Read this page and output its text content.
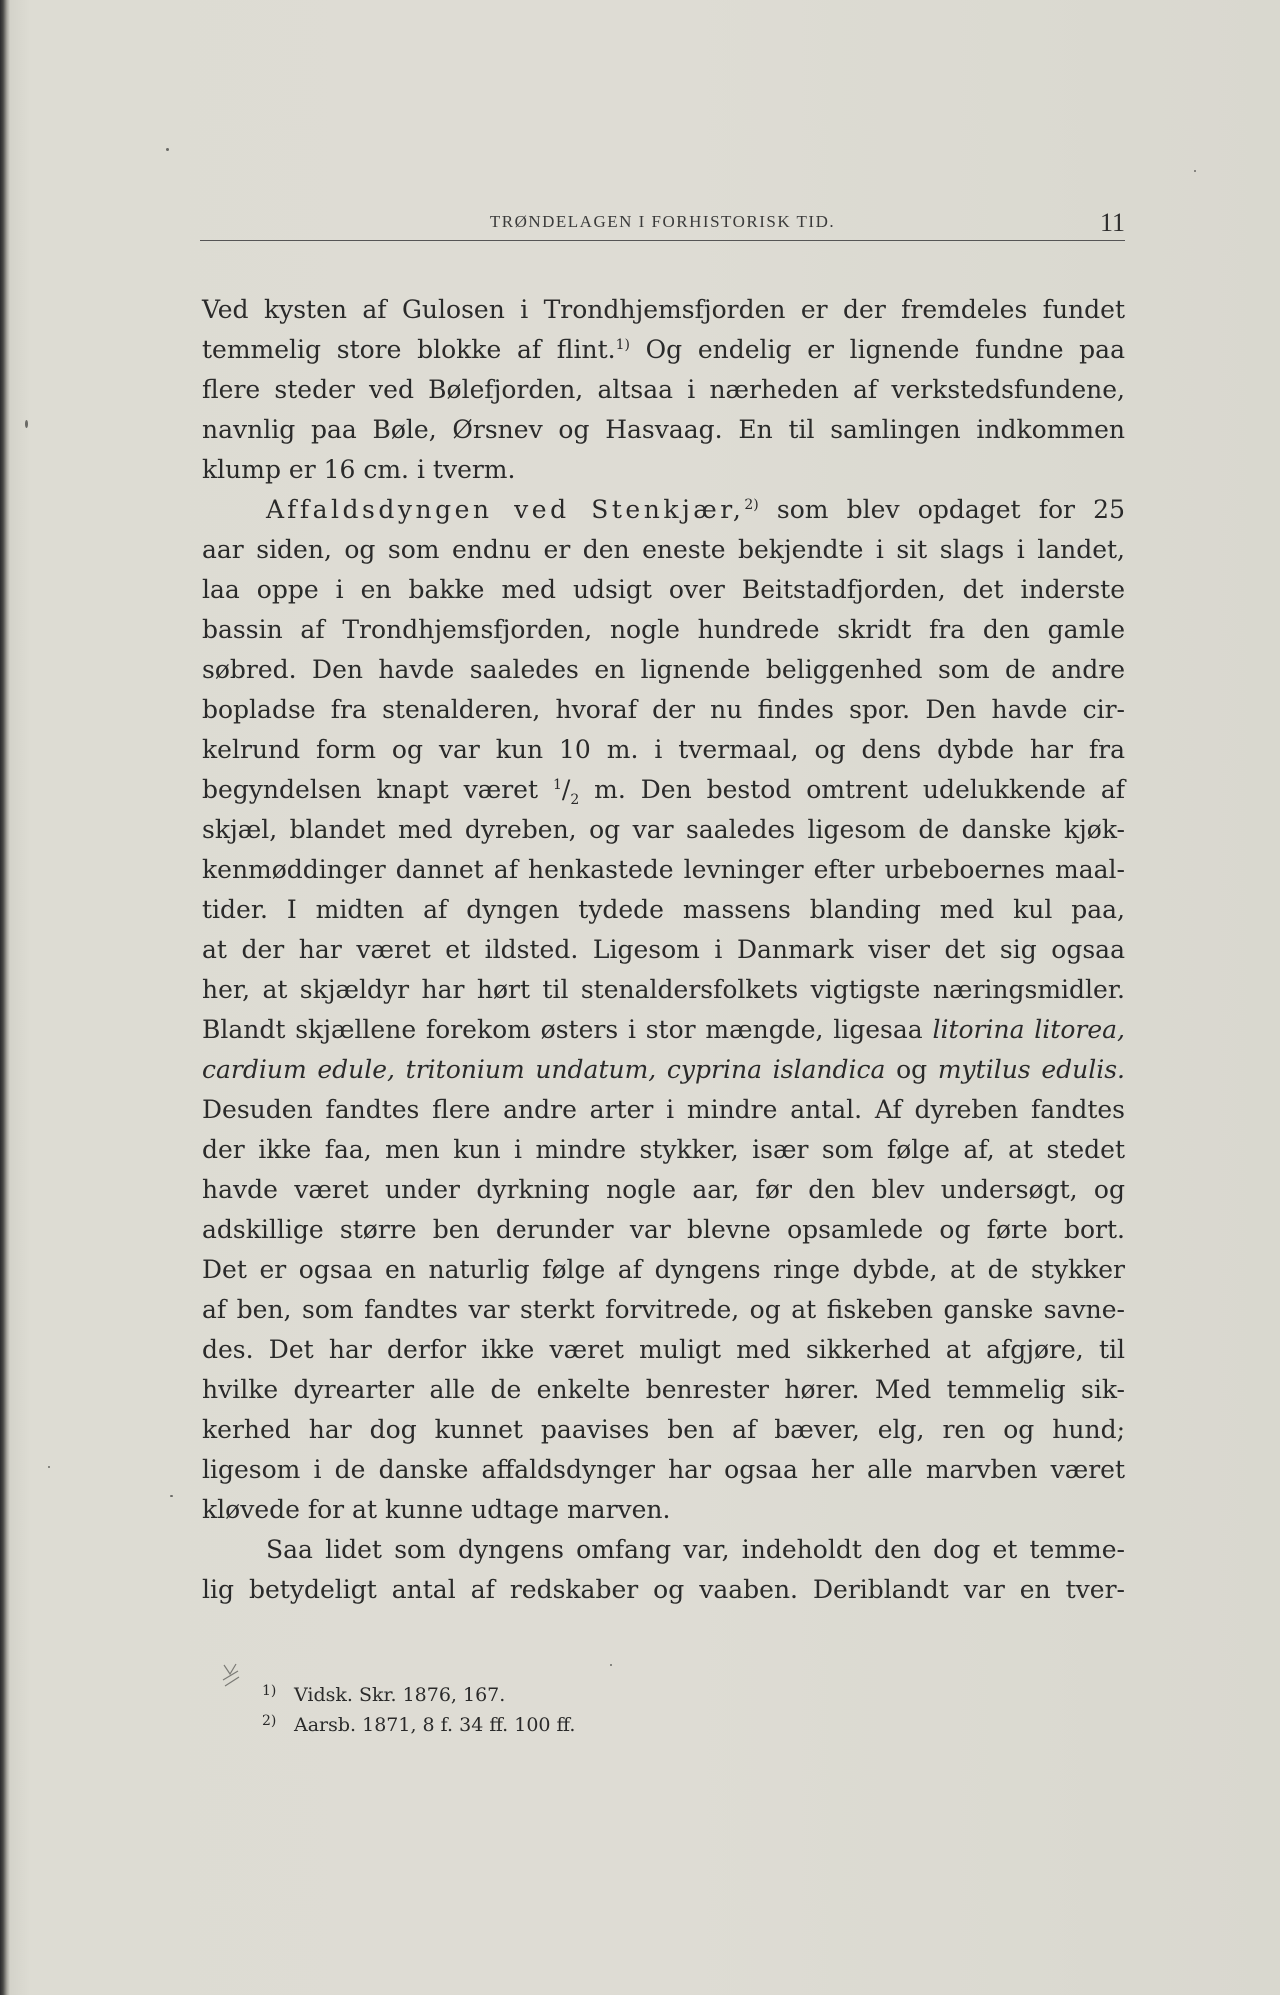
TRØNDELAGEN I FORHISTORISK TID.	11
Ved kysten af Gulosen i Trondhjemsfjorden er der fremdeles fundet
temmelig store blokke af flint.$^{1)}$ Og endelig er lignende fundne paa
flere steder ved Bølefjorden, altsaa i nærheden af verkstedsfundene,
navnlig paa Bøle, Ørsnev og Hasvaag. En til samlingen indkommen
klump er 16 cm. i tverm.
Affaldsdyngen ved Stenkjær,$^{2)}$ som blev opdaget for 25
aar siden, og som endnu er den eneste bekjendte i sit slags i landet,
laa oppe i en bakke med udsigt over Beitstadfjorden, det inderste
bassin af Trondhjemsfjorden, nogle hundrede skridt fra den gamle
søbred. Den havde saaledes en lignende beliggenhed som de andre
bopladse fra stenalderen, hvoraf der nu findes spor. Den havde cir-
kelrund form og var kun 10 m. i tvermaal, og dens dybde har fra
begyndelsen knapt været $^1/_2$ m. Den bestod omtrent udelukkende af
skjæl, blandet med dyreben, og var saaledes ligesom de danske kjøk-
kenmøddinger dannet af henkastede levninger efter urbeboernes maal-
tider. I midten af dyngen tydede massens blanding med kul paa,
at der har været et ildsted. Ligesom i Danmark viser det sig ogsaa
her, at skjældyr har hørt til stenaldersfolkets vigtigste næringsmidler.
Blandt skjællene forekom østers i stor mængde, ligesaa litorina litorea,
cardium edule, tritonium undatum, cyprina islandica og mytilus edulis.
Desuden fandtes flere andre arter i mindre antal. Af dyreben fandtes
der ikke faa, men kun i mindre stykker, især som følge af, at stedet
havde været under dyrkning nogle aar, før den blev undersøgt, og
adskillige større ben derunder var blevne opsamlede og førte bort.
Det er ogsaa en naturlig følge af dyngens ringe dybde, at de stykker
af ben, som fandtes var sterkt forvitrede, og at fiskeben ganske savne-
des. Det har derfor ikke været muligt med sikkerhed at afgjøre, til
hvilke dyrearter alle de enkelte benrester hører. Med temmelig sik-
kerhed har dog kunnet paavises ben af bæver, elg, ren og hund;
ligesom i de danske affaldsdynger har ogsaa her alle marvben været
kløvede for at kunne udtage marven.
Saa lidet som dyngens omfang var, indeholdt den dog et temme-
lig betydeligt antal af redskaber og vaaben. Deriblandt var en tver-
1) Vidsk. Skr. 1876, 167.
2) Aarsb. 1871, 8 f. 34 ff. 100 ff.
